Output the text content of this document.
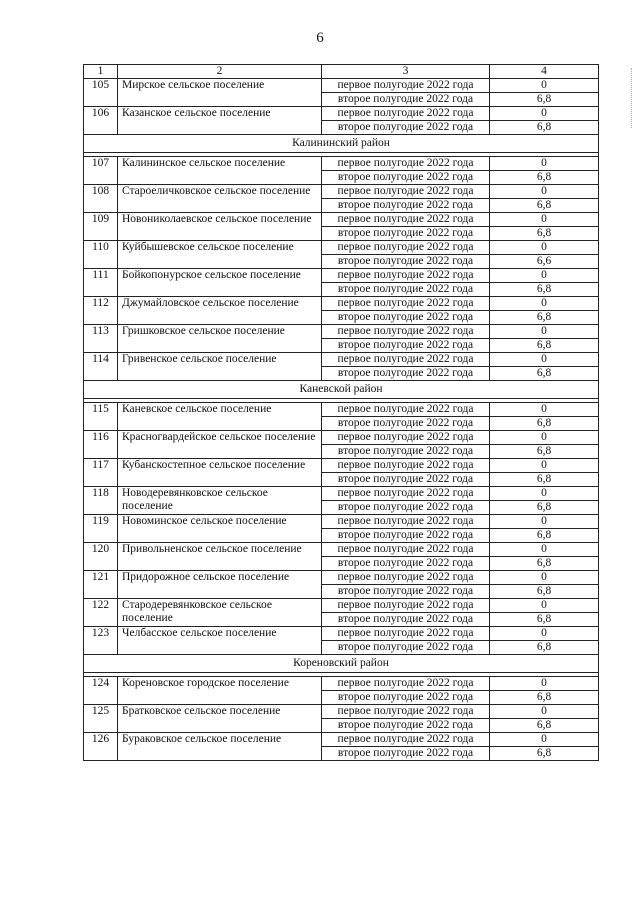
6
1	2	3	4
105	Мирское сельское поселение	первое полугодие 2022 года	0
		второе полугодие 2022 года	6,8
106	Казанское сельское поселение	первое полугодие 2022 года	0
		второе полугодие 2022 года	6,8
Калининский район			

107	Калининское сельское поселение	первое полугодие 2022 года	0
		второе полугодие 2022 года	6,8
108	Староеличковское сельское поселение	первое полугодие 2022 года	0
		второе полугодие 2022 года	6,8
109	Новониколаевское сельское поселение	первое полугодие 2022 года	0
		второе полугодие 2022 года	6,8
110	Куйбышевское сельское поселение	первое полугодие 2022 года	0
		второе полугодие 2022 года	6,6
111	Бойкопонурское сельское поселение	первое полугодие 2022 года	0
		второе полугодие 2022 года	6,8
112	Джумайловское сельское поселение	первое полугодие 2022 года	0
		второе полугодие 2022 года	6,8
113	Гришковское сельское поселение	первое полугодие 2022 года	0
		второе полугодие 2022 года	6,8
114	Гривенское сельское поселение	первое полугодие 2022 года	0
		второе полугодие 2022 года	6,8
Каневской район			

115	Каневское сельское поселение	первое полугодие 2022 года	0
		второе полугодие 2022 года	6,8
116	Красногвардейское сельское поселение	первое полугодие 2022 года	0
		второе полугодие 2022 года	6,8
117	Кубанскостепное сельское поселение	первое полугодие 2022 года	0
		второе полугодие 2022 года	6,8
118	Новодеревянковское сельское поселение	первое полугодие 2022 года	0
		второе полугодие 2022 года	6,8
119	Новоминское сельское поселение	первое полугодие 2022 года	0
		второе полугодие 2022 года	6,8
120	Привольненское сельское поселение	первое полугодие 2022 года	0
		второе полугодие 2022 года	6,8
121	Придорожное сельское поселение	первое полугодие 2022 года	0
		второе полугодие 2022 года	6,8
122	Стародеревянковское сельское поселение	первое полугодие 2022 года	0
		второе полугодие 2022 года	6,8
123	Челбасское сельское поселение	первое полугодие 2022 года	0
		второе полугодие 2022 года	6,8
Кореновский район			

124	Кореновское городское поселение	первое полугодие 2022 года	0
		второе полугодие 2022 года	6,8
125	Братковское сельское поселение	первое полугодие 2022 года	0
		второе полугодие 2022 года	6,8
126	Бураковское сельское поселение	первое полугодие 2022 года	0
		второе полугодие 2022 года	6,8
